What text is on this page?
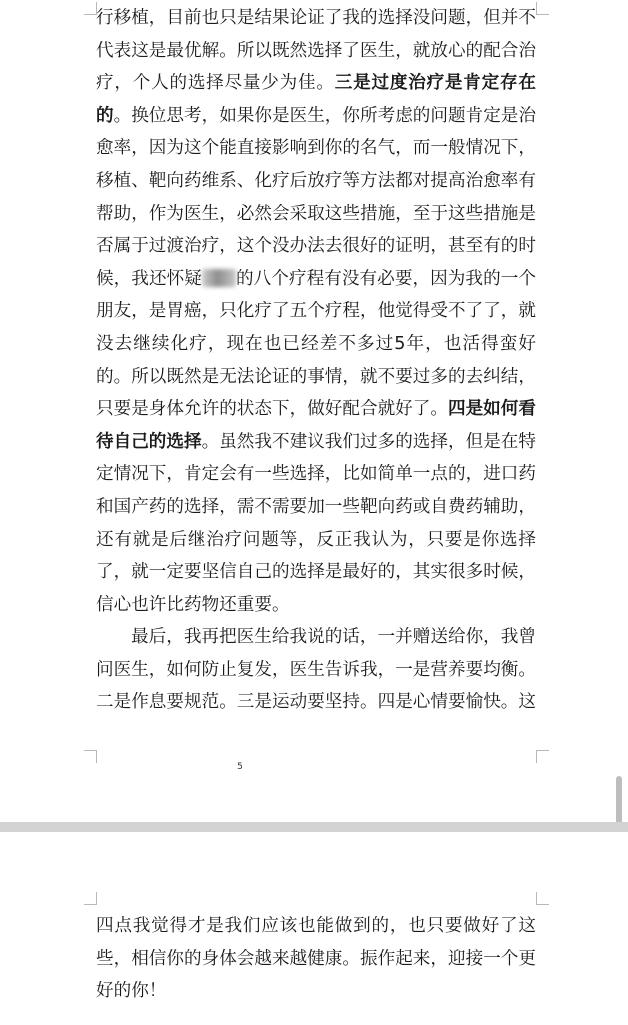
行移植，目前也只是结果论证了我的选择没问题，但并不代表这是最优解。所以既然选择了医生，就放心的配合治疗，个人的选择尽量少为佳。三是过度治疗是肯定存在的。换位思考，如果你是医生，你所考虑的问题肯定是治愈率，因为这个能直接影响到你的名气，而一般情况下，移植、靶向药维系、化疗后放疗等方法都对提高治愈率有帮助，作为医生，必然会采取这些措施，至于这些措施是否属于过渡治疗，这个没办法去很好的证明，甚至有的时候，我还怀疑 的八个疗程有没有必要，因为我的一个朋友，是胃癌，只化疗了五个疗程，他觉得受不了了，就没去继续化疗，现在也已经差不多过5年，也活得蛮好的。所以既然是无法论证的事情，就不要过多的去纠结，只要是身体允许的状态下，做好配合就好了。四是如何看待自己的选择。虽然我不建议我们过多的选择，但是在特定情况下，肯定会有一些选择，比如简单一点的，进口药和国产药的选择，需不需要加一些靶向药或自费药辅助，还有就是后继治疗问题等，反正我认为，只要是你选择了，就一定要坚信自己的选择是最好的，其实很多时候，信心也许比药物还重要。

最后，我再把医生给我说的话，一并赠送给你，我曾问医生，如何防止复发，医生告诉我，一是营养要均衡。二是作息要规范。三是运动要坚持。四是心情要愉快。这

5

四点我觉得才是我们应该也能做到的，也只要做好了这些，相信你的身体会越来越健康。振作起来，迎接一个更好的你！
